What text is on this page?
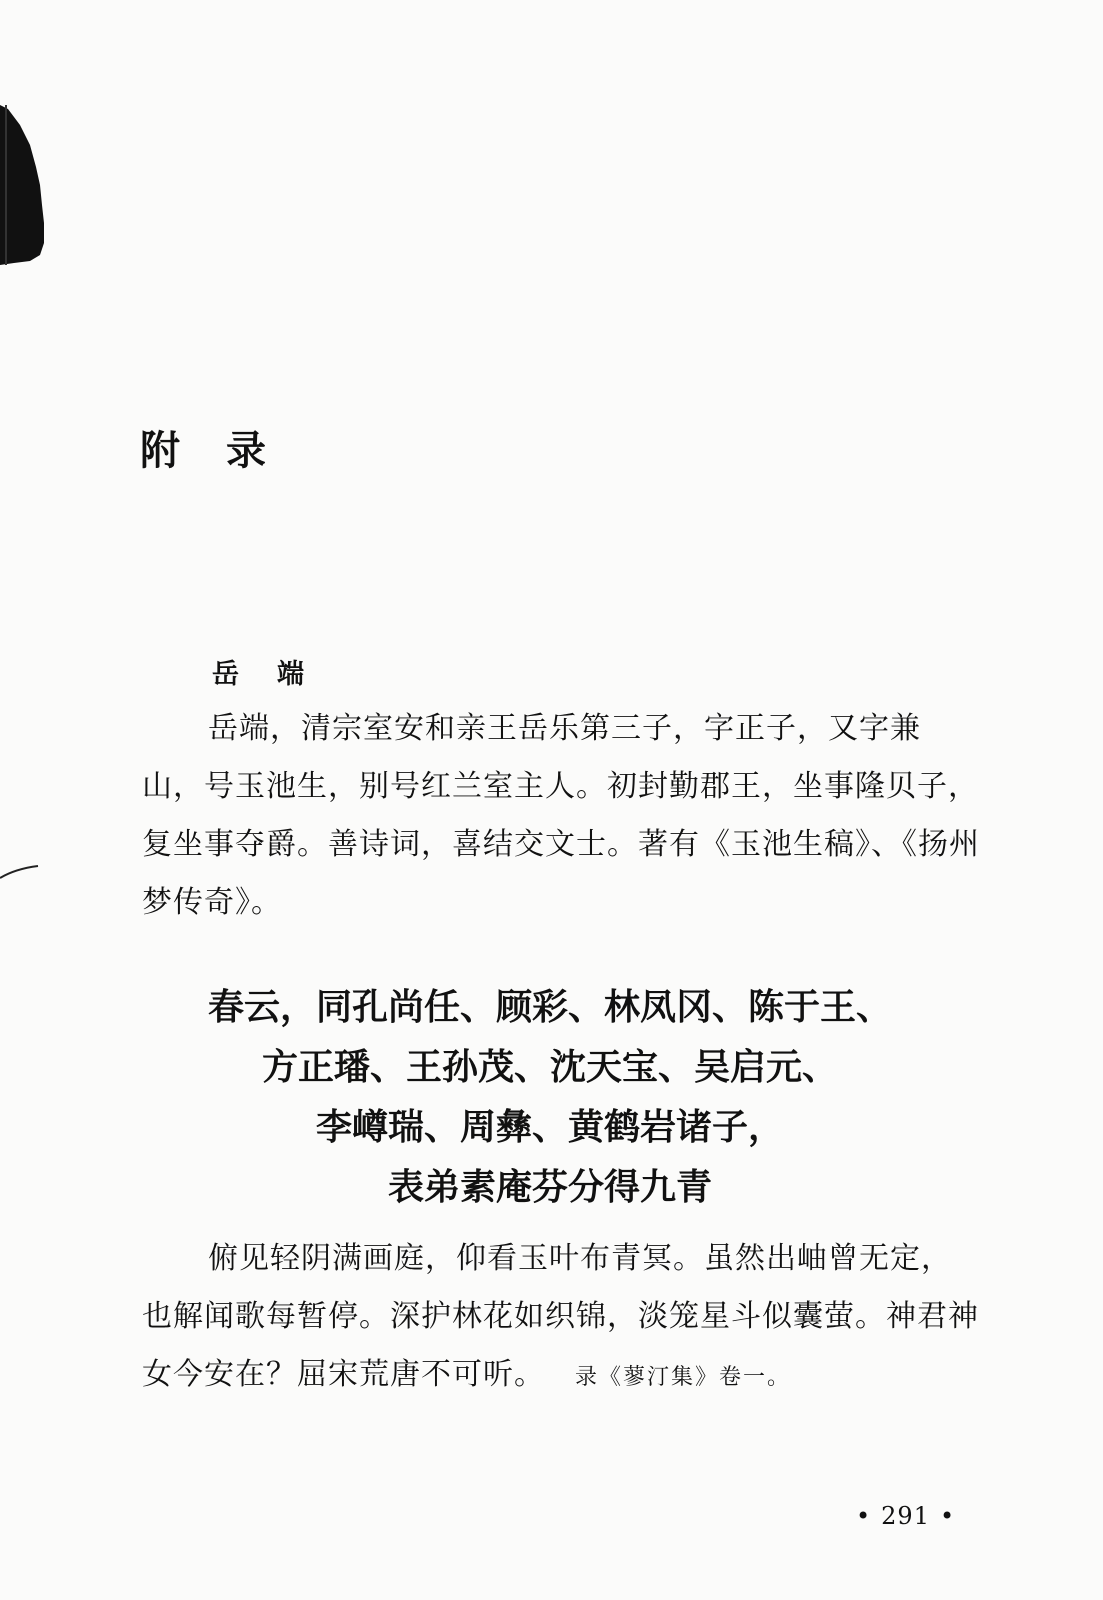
附录
岳端

岳端，清宗室安和亲王岳乐第三子，字正子，又字兼山，号玉池生，别号红兰室主人。初封勤郡王，坐事隆贝子，复坐事夺爵。善诗词，喜结交文士。著有《玉池生稿》、《扬州梦传奇》。

春云，同孔尚任、顾彩、林凤冈、陈于王、
方正璠、王孙茂、沈天宝、吴启元、
李嶟瑞、周彝、黄鹤岩诸子，
表弟素庵芬分得九青

俯见轻阴满画庭，仰看玉叶布青冥。虽然出岫曾无定，也解闻歌每暂停。深护林花如织锦，淡笼星斗似囊萤。神君神女今安在？屈宋荒唐不可听。 录《蓼汀集》卷一。

• 291 •
